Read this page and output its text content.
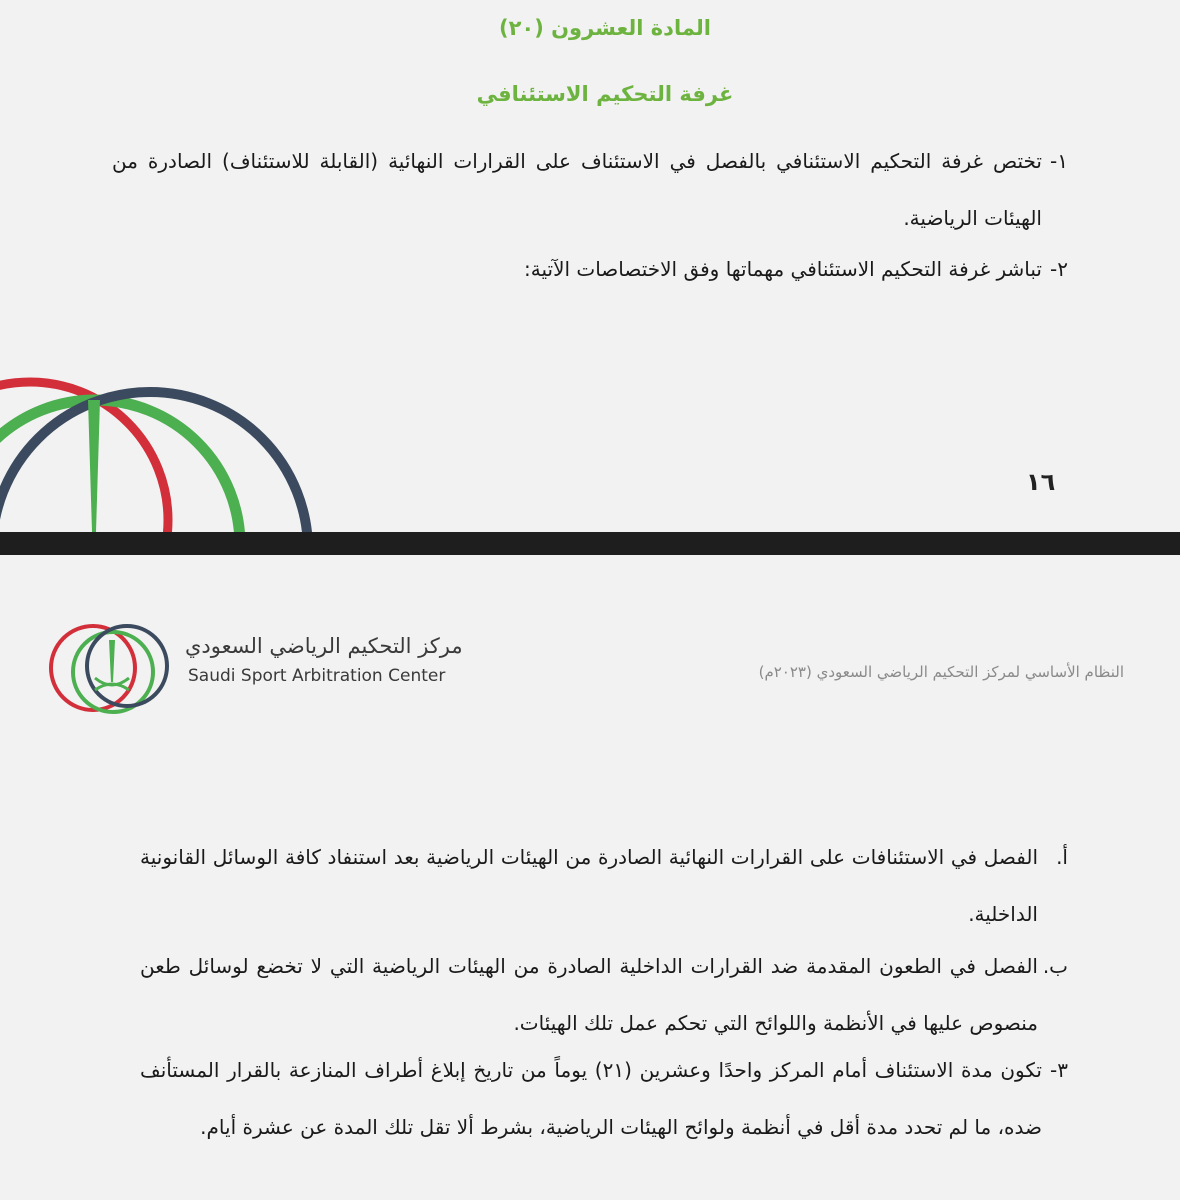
المادة العشرون (٢٠)
غرفة التحكيم الاستئنافي
١-
تختص غرفة التحكيم الاستئنافي بالفصل في الاستئناف على القرارات النهائية (القابلة للاستئناف) الصادرة من الهيئات الرياضية.
٢-
تباشر غرفة التحكيم الاستئنافي مهماتها وفق الاختصاصات الآتية:
١٦
مركز التحكيم الرياضي السعودي
Saudi Sport Arbitration Center	النظام الأساسي لمركز التحكيم الرياضي السعودي (٢٠٢٣م)
أ.
الفصل في الاستئنافات على القرارات النهائية الصادرة من الهيئات الرياضية بعد استنفاد كافة الوسائل القانونية الداخلية.
ب.
الفصل في الطعون المقدمة ضد القرارات الداخلية الصادرة من الهيئات الرياضية التي لا تخضع لوسائل طعن منصوص عليها في الأنظمة واللوائح التي تحكم عمل تلك الهيئات.
٣-
تكون مدة الاستئناف أمام المركز واحدًا وعشرين (٢١) يوماً من تاريخ إبلاغ أطراف المنازعة بالقرار المستأنف ضده، ما لم تحدد مدة أقل في أنظمة ولوائح الهيئات الرياضية، بشرط ألا تقل تلك المدة عن عشرة أيام.
